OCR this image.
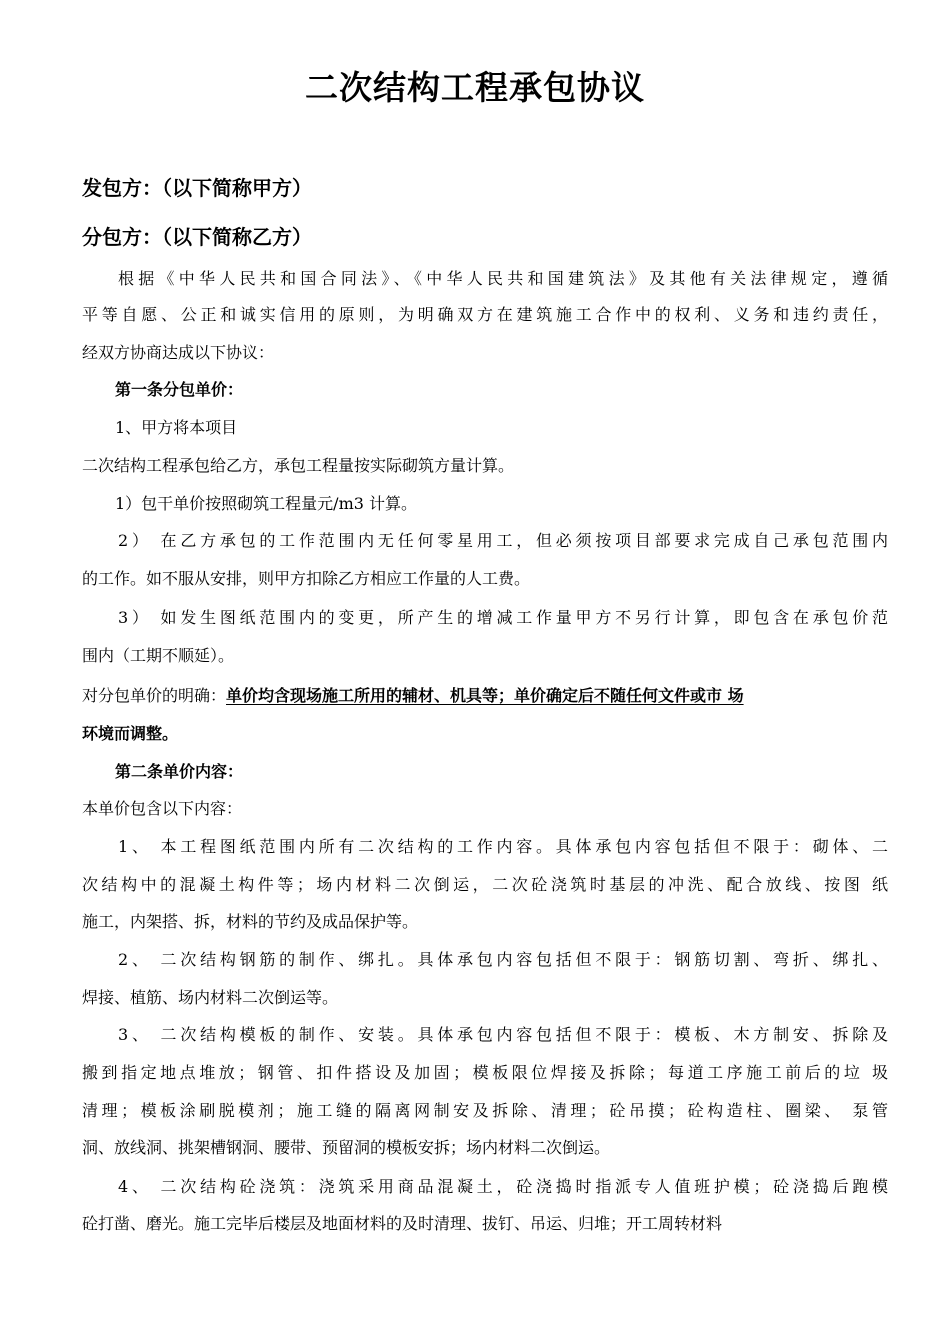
二次结构工程承包协议
发包方：（以下简称甲方）
分包方：（以下简称乙方）
根据《中华人民共和国合同法》、《中华人民共和国建筑法》及其他有关法律规定，遵循
平等自愿、公正和诚实信用的原则，为明确双方在建筑施工合作中的权利、义务和违约责任，
经双方协商达成以下协议：
第一条分包单价：
1、甲方将本项目
二次结构工程承包给乙方，承包工程量按实际砌筑方量计算。
1）包干单价按照砌筑工程量元/m3 计算。
2） 在乙方承包的工作范围内无任何零星用工，但必须按项目部要求完成自己承包范围内
的工作。如不服从安排，则甲方扣除乙方相应工作量的人工费。
3） 如发生图纸范围内的变更，所产生的增减工作量甲方不另行计算，即包含在承包价范
围内（工期不顺延）。
对分包单价的明确：单价均含现场施工所用的辅材、机具等；单价确定后不随任何文件或市 场
环境而调整。
第二条单价内容：
本单价包含以下内容：
1、 本工程图纸范围内所有二次结构的工作内容。具体承包内容包括但不限于：砌体、二
次结构中的混凝土构件等；场内材料二次倒运，二次砼浇筑时基层的冲洗、配合放线、按图 纸
施工，内架搭、拆，材料的节约及成品保护等。
2、 二次结构钢筋的制作、绑扎。具体承包内容包括但不限于：钢筋切割、弯折、绑扎、
焊接、植筋、场内材料二次倒运等。
3、 二次结构模板的制作、安装。具体承包内容包括但不限于：模板、木方制安、拆除及
搬到指定地点堆放；钢管、扣件搭设及加固；模板限位焊接及拆除；每道工序施工前后的垃 圾
清理；模板涂刷脱模剂；施工缝的隔离网制安及拆除、清理；砼吊摸；砼构造柱、圈梁、 泵管
洞、放线洞、挑架槽钢洞、腰带、预留洞的模板安拆；场内材料二次倒运。
4、 二次结构砼浇筑：浇筑采用商品混凝土，砼浇捣时指派专人值班护模；砼浇捣后跑模
砼打凿、磨光。施工完毕后楼层及地面材料的及时清理、拔钉、吊运、归堆；开工周转材料
